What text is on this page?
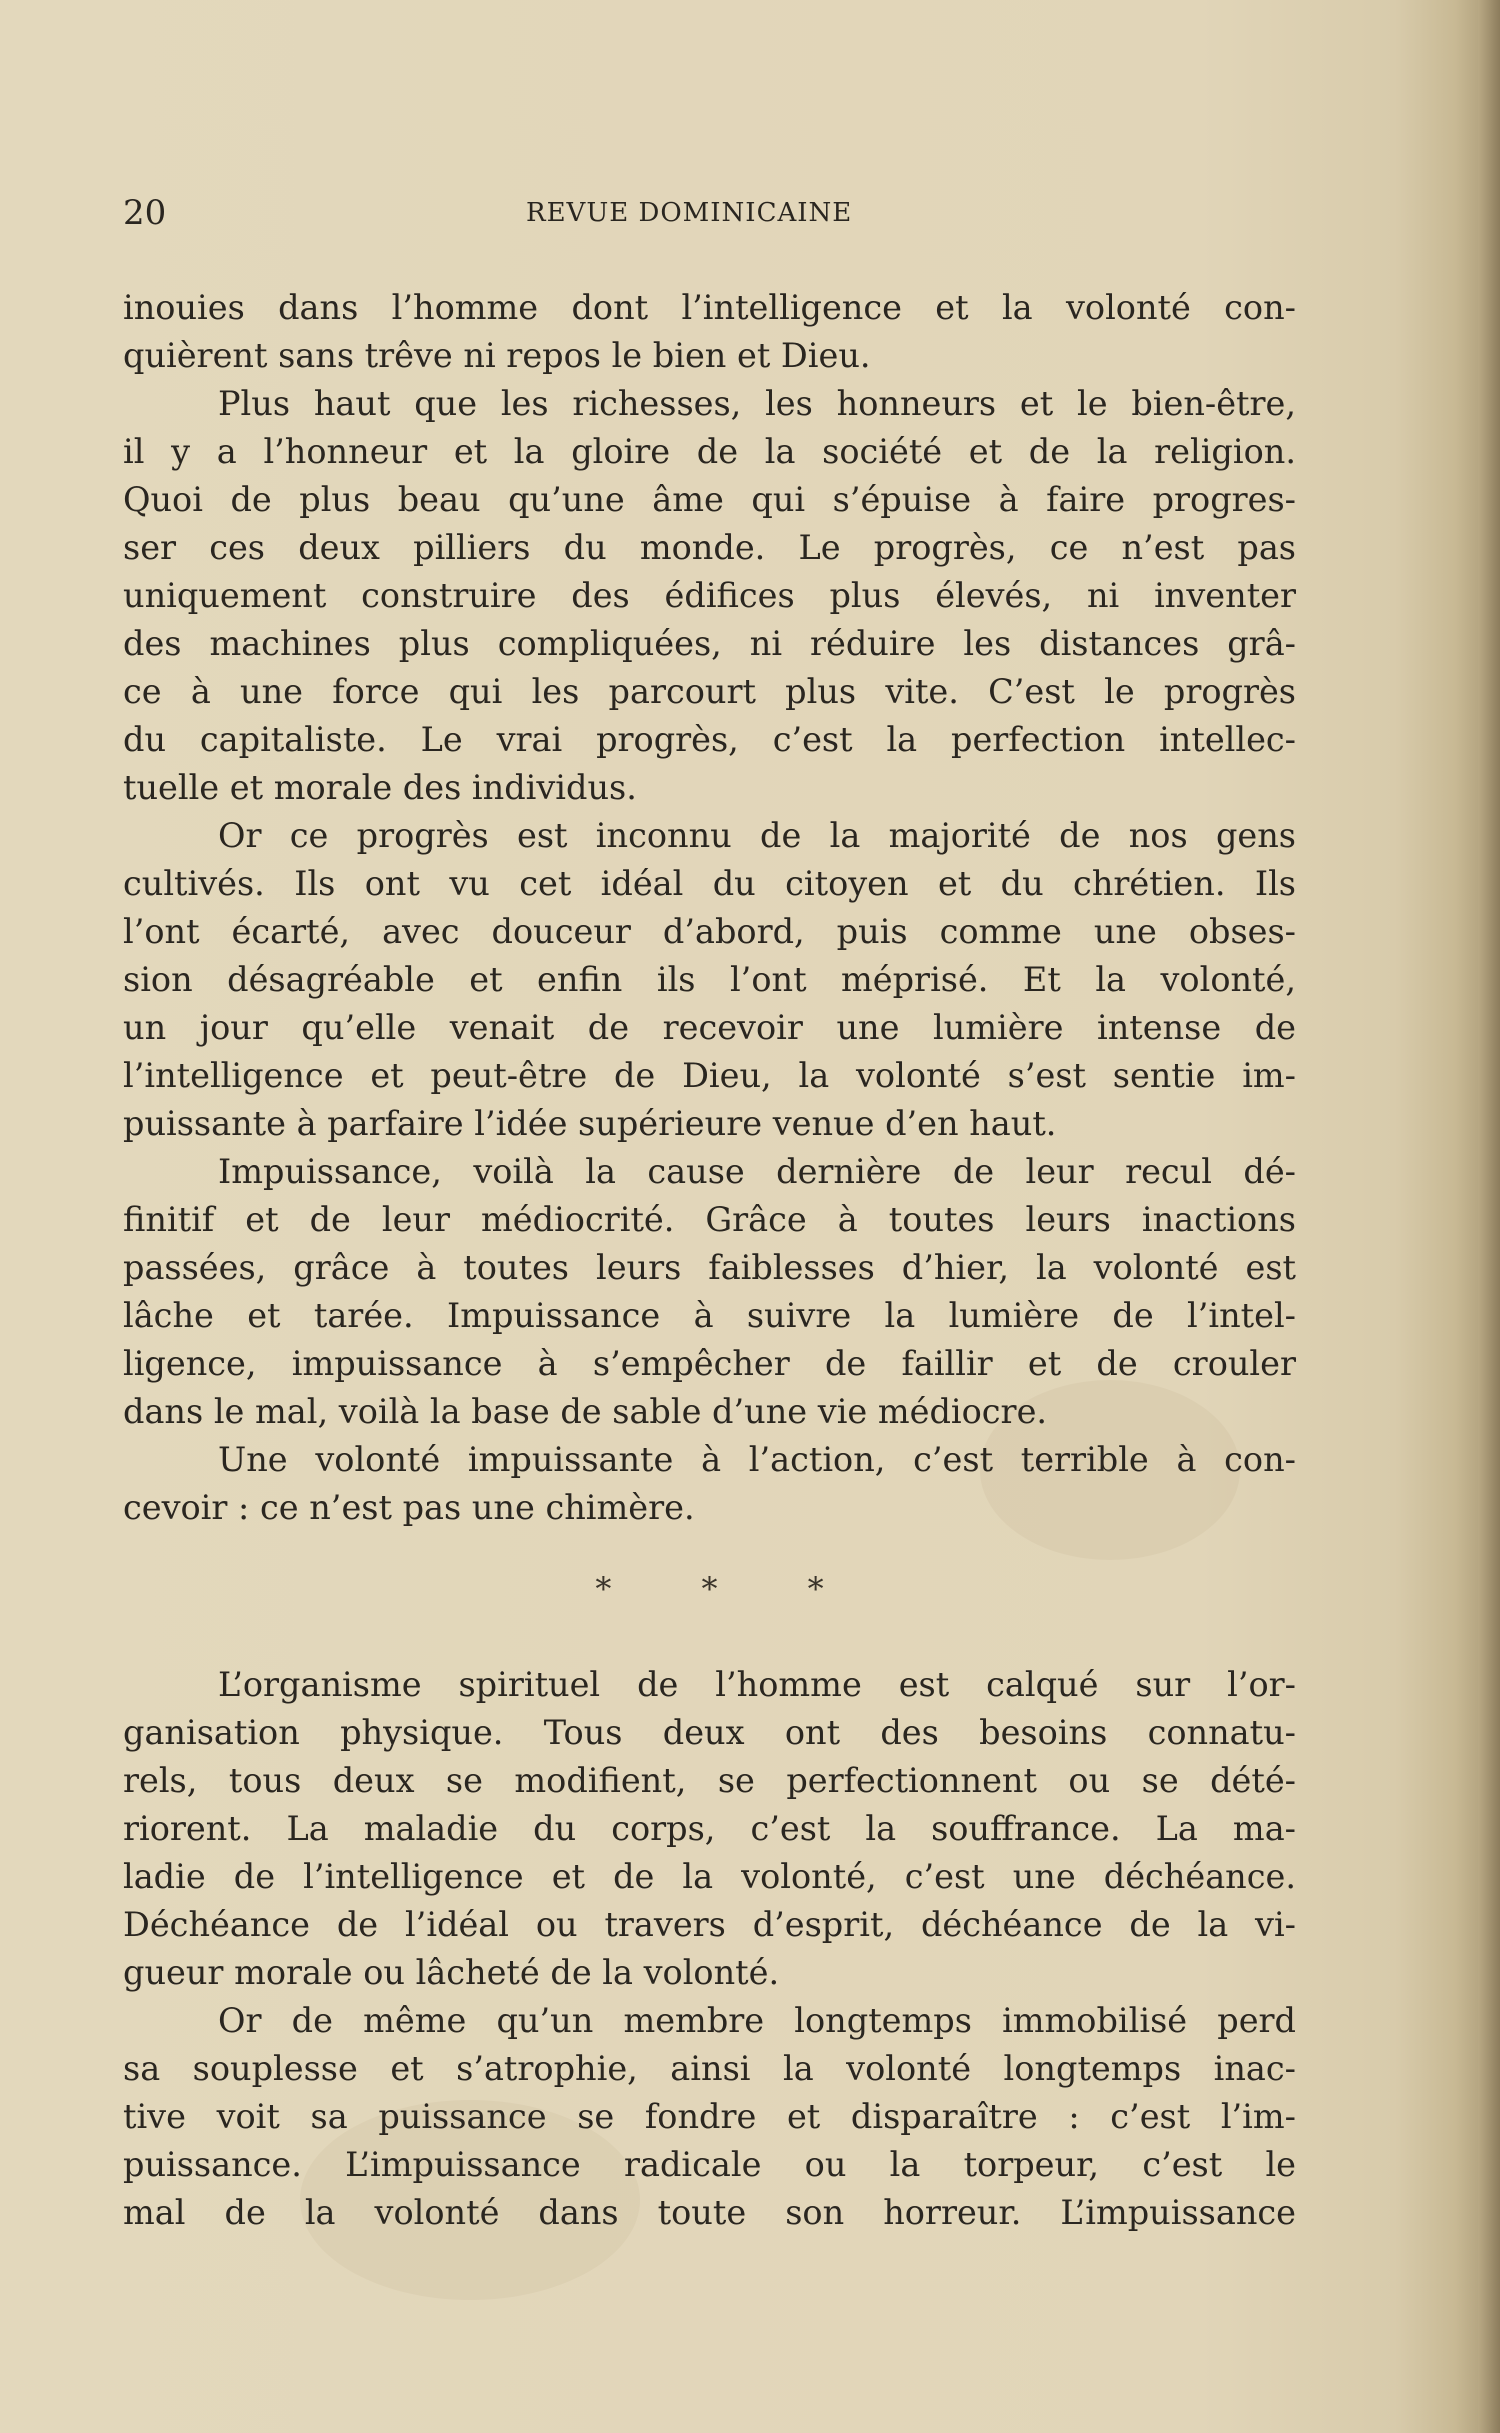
20	REVUE DOMINICAINE
inouies dans l’homme dont l’intelligence et la volonté con-
quièrent sans trêve ni repos le bien et Dieu.
Plus haut que les richesses, les honneurs et le bien-être,
il y a l’honneur et la gloire de la société et de la religion.
Quoi de plus beau qu’une âme qui s’épuise à faire progres-
ser ces deux pilliers du monde. Le progrès, ce n’est pas
uniquement construire des édifices plus élevés, ni inventer
des machines plus compliquées, ni réduire les distances grâ-
ce à une force qui les parcourt plus vite. C’est le progrès
du capitaliste. Le vrai progrès, c’est la perfection intellec-
tuelle et morale des individus.
Or ce progrès est inconnu de la majorité de nos gens
cultivés. Ils ont vu cet idéal du citoyen et du chrétien. Ils
l’ont écarté, avec douceur d’abord, puis comme une obses-
sion désagréable et enfin ils l’ont méprisé. Et la volonté,
un jour qu’elle venait de recevoir une lumière intense de
l’intelligence et peut-être de Dieu, la volonté s’est sentie im-
puissante à parfaire l’idée supérieure venue d’en haut.
Impuissance, voilà la cause dernière de leur recul dé-
finitif et de leur médiocrité. Grâce à toutes leurs inactions
passées, grâce à toutes leurs faiblesses d’hier, la volonté est
lâche et tarée. Impuissance à suivre la lumière de l’intel-
ligence, impuissance à s’empêcher de faillir et de crouler
dans le mal, voilà la base de sable d’une vie médiocre.
Une volonté impuissante à l’action, c’est terrible à con-
cevoir : ce n’est pas une chimère.
* * *
L’organisme spirituel de l’homme est calqué sur l’or-
ganisation physique. Tous deux ont des besoins connatu-
rels, tous deux se modifient, se perfectionnent ou se dété-
riorent. La maladie du corps, c’est la souffrance. La ma-
ladie de l’intelligence et de la volonté, c’est une déchéance.
Déchéance de l’idéal ou travers d’esprit, déchéance de la vi-
gueur morale ou lâcheté de la volonté.
Or de même qu’un membre longtemps immobilisé perd
sa souplesse et s’atrophie, ainsi la volonté longtemps inac-
tive voit sa puissance se fondre et disparaître : c’est l’im-
puissance. L’impuissance radicale ou la torpeur, c’est le
mal de la volonté dans toute son horreur. L’impuissance
